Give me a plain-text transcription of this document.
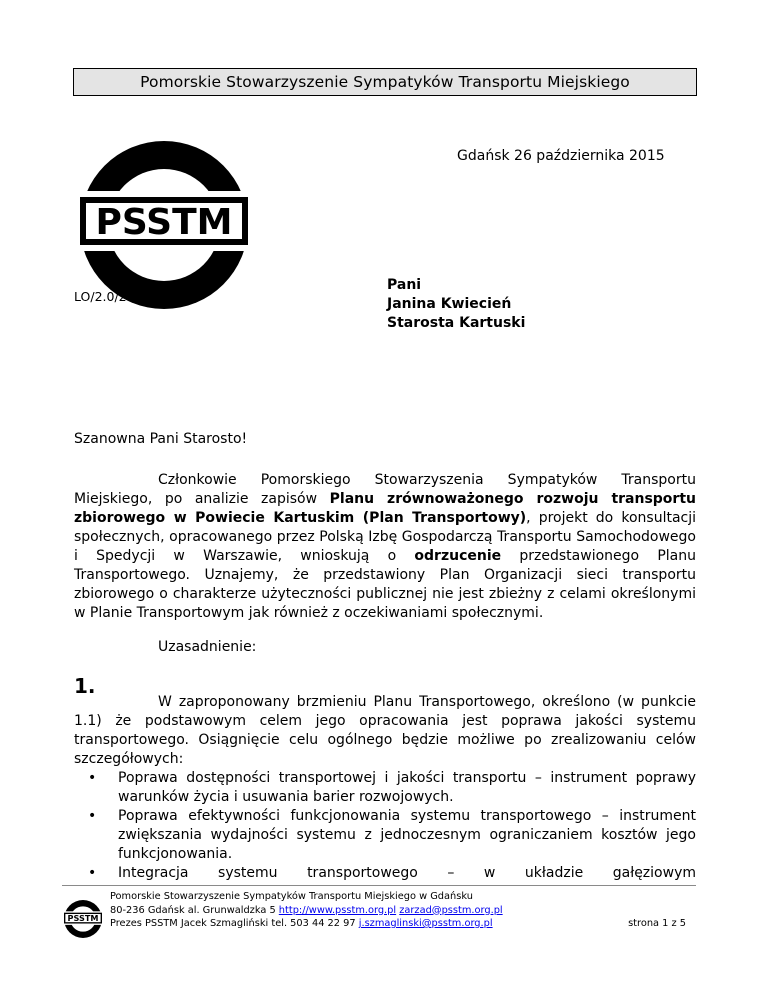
Pomorskie Stowarzyszenie Sympatyków Transportu Miejskiego
PSSTM
Gdańsk 26 października 2015
LO/2.0/2015/V
Pani
Janina Kwiecień
Starosta Kartuski
Szanowna Pani Starosto!

Członkowie Pomorskiego Stowarzyszenia Sympatyków Transportu Miejskiego, po analizie zapisów Planu zrównoważonego rozwoju transportu zbiorowego w Powiecie Kartuskim (Plan Transportowy), projekt do konsultacji społecznych, opracowanego przez Polską Izbę Gospodarczą Transportu Samochodowego i Spedycji w Warszawie, wnioskują o odrzucenie przedstawionego Planu Transportowego. Uznajemy, że przedstawiony Plan Organizacji sieci transportu zbiorowego o charakterze użyteczności publicznej nie jest zbieżny z celami określonymi w Planie Transportowym jak również z oczekiwaniami społecznymi.

Uzasadnienie:
1.

W zaproponowany brzmieniu Planu Transportowego, określono (w punkcie 1.1) że podstawowym celem jego opracowania jest poprawa jakości systemu transportowego. Osiągnięcie celu ogólnego będzie możliwe po zrealizowaniu celów szczegółowych:

• Poprawa dostępności transportowej i jakości transportu – instrument poprawy warunków życia i usuwania barier rozwojowych.
• Poprawa efektywności funkcjonowania systemu transportowego – instrument zwiększania wydajności systemu z jednoczesnym ograniczaniem kosztów jego funkcjonowania.
• Integracja systemu transportowego – w układzie gałęziowym
PSSTM
Pomorskie Stowarzyszenie Sympatyków Transportu Miejskiego w Gdańsku
80-236 Gdańsk al. Grunwaldzka 5 http://www.psstm.org.pl zarzad@psstm.org.pl
Prezes PSSTM Jacek Szmagliński tel. 503 44 22 97 j.szmaglinski@psstm.org.pl	strona 1 z 5
